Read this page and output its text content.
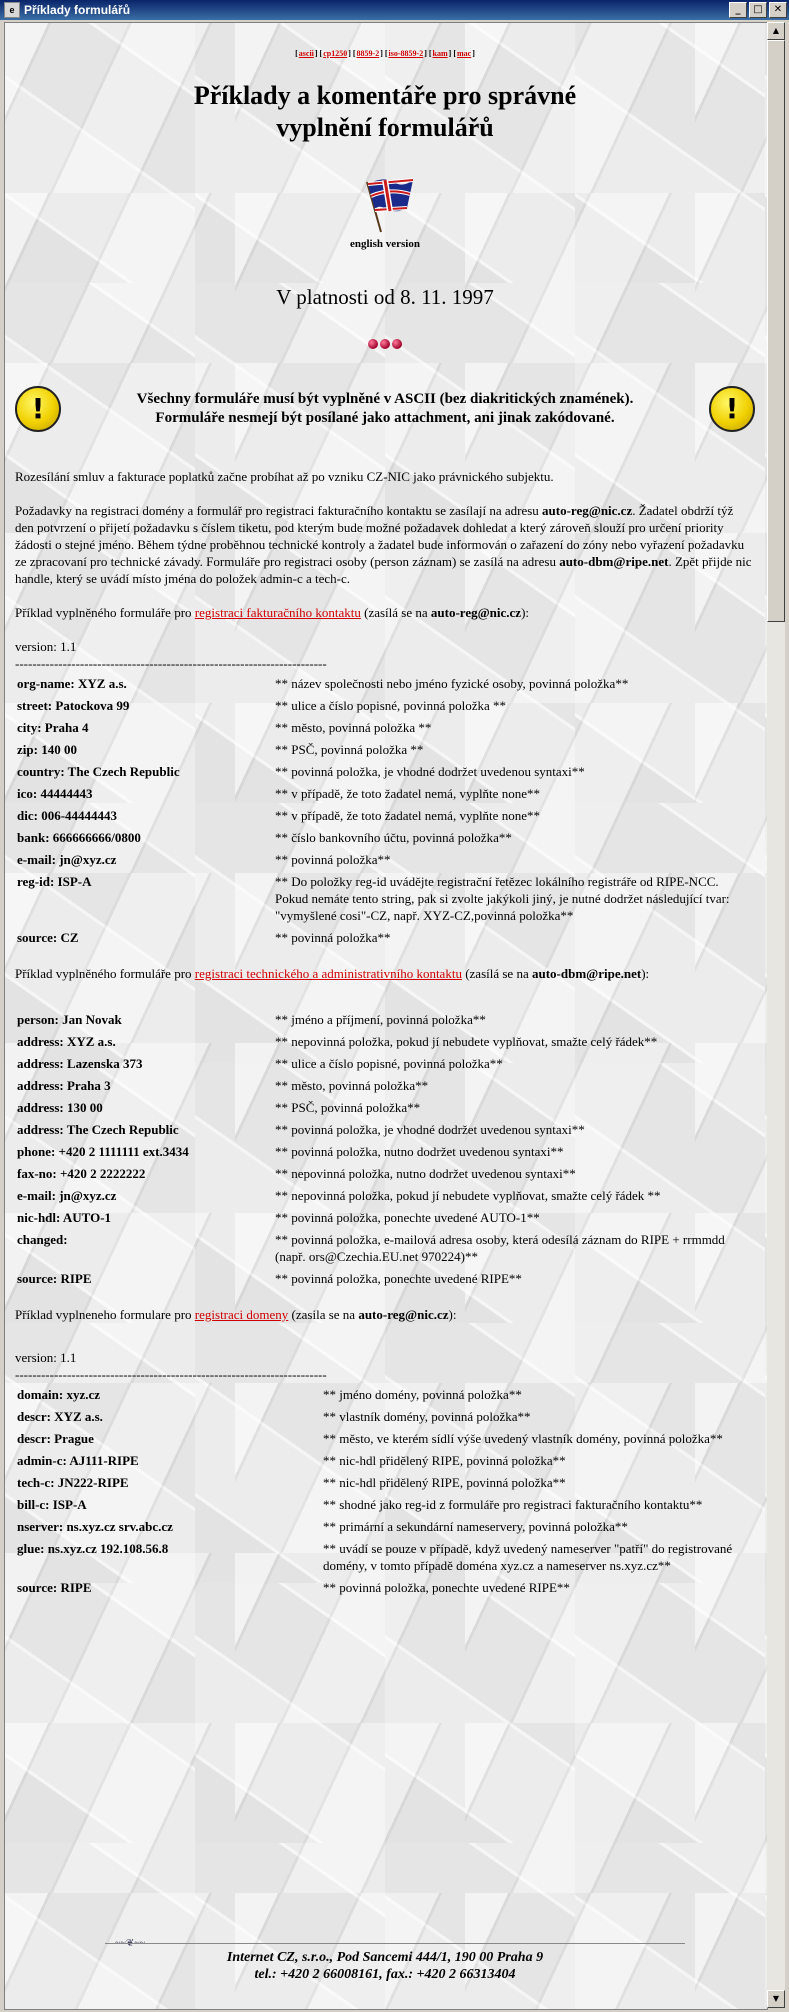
e Příklady formulářů	_	□	✕
[ascii] [cp1250] [8859-2] [iso-8859-2] [kam] [mac]
Příklady a komentáře pro správné
vyplnění formulářů
english version
V platnosti od 8. 11. 1997
!	Všechny formuláře musí být vyplněné v ASCII (bez diakritických znamének).
Formuláře nesmejí být posílané jako attachment, ani jinak zakódované.	!

Rozesílání smluv a fakturace poplatků začne probíhat až po vzniku CZ-NIC jako právnického subjektu.

Požadavky na registraci domény a formulář pro registraci fakturačního kontaktu se zasílají na adresu auto-reg@nic.cz. Žadatel obdrží týž den potvrzení o přijetí požadavku s číslem tiketu, pod kterým bude možné požadavek dohledat a který zároveň slouží pro určení priority žádosti o stejné jméno. Během týdne proběhnou technické kontroly a žadatel bude informován o zařazení do zóny nebo vyřazení požadavku ze zpracovaní pro technické závady. Formuláře pro registraci osoby (person záznam) se zasílá na adresu auto-dbm@ripe.net. Zpět přijde nic handle, který se uvádí místo jména do položek admin-c a tech-c.

Příklad vyplněného formuláře pro registraci fakturačního kontaktu (zasílá se na auto-reg@nic.cz):

version: 1.1

------------------------------------------------------------------------

org-name: XYZ a.s.	** název společnosti nebo jméno fyzické osoby, povinná položka**
street: Patockova 99	** ulice a číslo popisné, povinná položka **
city: Praha 4	** město, povinná položka **
zip: 140 00	** PSČ, povinná položka **
country: The Czech Republic	** povinná položka, je vhodné dodržet uvedenou syntaxi**
ico: 44444443	** v případě, že toto žadatel nemá, vyplňte none**
dic: 006-44444443	** v případě, že toto žadatel nemá, vyplňte none**
bank: 666666666/0800	** číslo bankovního účtu, povinná položka**
e-mail: jn@xyz.cz	** povinná položka**
reg-id: ISP-A	** Do položky reg-id uvádějte registrační řetězec lokálního registráře od RIPE-NCC. Pokud nemáte tento string, pak si zvolte jakýkoli jiný, je nutné dodržet následující tvar: "vymyšlené cosi"-CZ, např. XYZ-CZ,povinná položka**
source: CZ	** povinná položka**

Příklad vyplněného formuláře pro registraci technického a administrativního kontaktu (zasílá se na auto-dbm@ripe.net):

person: Jan Novak	** jméno a příjmení, povinná položka**
address: XYZ a.s.	** nepovinná položka, pokud jí nebudete vyplňovat, smažte celý řádek**
address: Lazenska 373	** ulice a číslo popisné, povinná položka**
address: Praha 3	** město, povinná položka**
address: 130 00	** PSČ, povinná položka**
address: The Czech Republic	** povinná položka, je vhodné dodržet uvedenou syntaxi**
phone: +420 2 1111111 ext.3434	** povinná položka, nutno dodržet uvedenou syntaxi**
fax-no: +420 2 2222222	** nepovinná položka, nutno dodržet uvedenou syntaxi**
e-mail: jn@xyz.cz	** nepovinná položka, pokud jí nebudete vyplňovat, smažte celý řádek **
nic-hdl: AUTO-1	** povinná položka, ponechte uvedené AUTO-1**
changed:	** povinná položka, e-mailová adresa osoby, která odesílá záznam do RIPE + rrmmdd (např. ors@Czechia.EU.net 970224)**
source: RIPE	** povinná položka, ponechte uvedené RIPE**

Příklad vyplneneho formulare pro registraci domeny (zasila se na auto-reg@nic.cz):

version: 1.1

------------------------------------------------------------------------

domain: xyz.cz	** jméno domény, povinná položka**
descr: XYZ a.s.	** vlastník domény, povinná položka**
descr: Prague	** město, ve kterém sídlí výše uvedený vlastník domény, povinná položka**
admin-c: AJ111-RIPE	** nic-hdl přidělený RIPE, povinná položka**
tech-c: JN222-RIPE	** nic-hdl přidělený RIPE, povinná položka**
bill-c: ISP-A	** shodné jako reg-id z formuláře pro registraci fakturačního kontaktu**
nserver: ns.xyz.cz srv.abc.cz	** primární a sekundární nameservery, povinná položka**
glue: ns.xyz.cz 192.108.56.8	** uvádí se pouze v případě, když uvedený nameserver "patří" do registrované domény, v tomto případě doména xyz.cz a nameserver ns.xyz.cz**
source: RIPE	** povinná položka, ponechte uvedené RIPE**
Internet CZ, s.r.o., Pod Sancemi 444/1, 190 00 Praha 9
tel.: +420 2 66008161, fax.: +420 2 66313404
▲
▼
